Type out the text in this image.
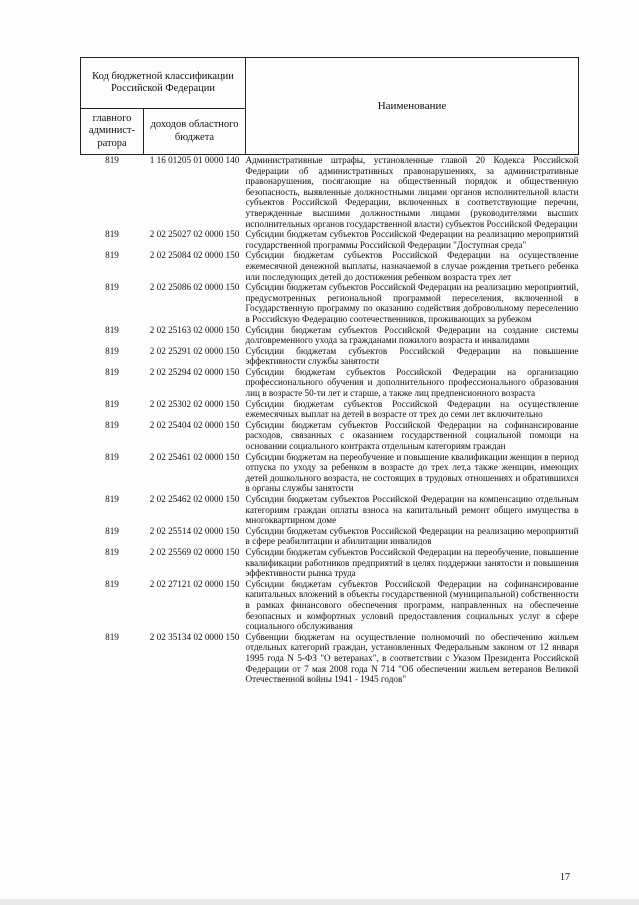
Код бюджетной классификации Российской Федерации		Наименование
главного админист-ратора	доходов областного бюджета	
819	1 16 01205 01 0000 140	Административные штрафы, установленные главой 20 Кодекса Российской Федерации об административных правонарушениях, за административные правонарушения, посягающие на общественный порядок и общественную безопасность, выявленные должностными лицами органов исполнительной власти субъектов Российской Федерации, включенных в соответствующие перечни, утвержденные высшими должностными лицами (руководителями высших исполнительных органов государственной власти) субъектов Российской Федерации
819	2 02 25027 02 0000 150	Субсидии бюджетам субъектов Российской Федерации на реализацию мероприятий государственной программы Российской Федерации "Доступная среда"
819	2 02 25084 02 0000 150	Субсидии бюджетам субъектов Российской Федерации на осуществление ежемесячной денежной выплаты, назначаемой в случае рождения третьего ребенка или последующих детей до достижения ребенком возраста трех лет
819	2 02 25086 02 0000 150	Субсидии бюджетам субъектов Российской Федерации на реализацию мероприятий, предусмотренных региональной программой переселения, включенной в Государственную программу по оказанию содействия добровольному переселению в Российскую Федерацию соотечественников, проживающих за рубежом
819	2 02 25163 02 0000 150	Субсидии бюджетам субъектов Российской Федерации на создание системы долговременного ухода за гражданами пожилого возраста и инвалидами
819	2 02 25291 02 0000 150	Субсидии бюджетам субъектов Российской Федерации на повышение эффективности службы занятости
819	2 02 25294 02 0000 150	Субсидии бюджетам субъектов Российской Федерации на организацию профессионального обучения и дополнительного профессионального образования лиц в возрасте 50-ти лет и старше, а также лиц предпенсионного возраста
819	2 02 25302 02 0000 150	Субсидии бюджетам субъектов Российской Федерации на осуществление ежемесячных выплат на детей в возрасте от трех до семи лет включительно
819	2 02 25404 02 0000 150	Субсидии бюджетам субъектов Российской Федерации на софинансирование расходов, связанных с оказанием государственной социальной помощи на основании социального контракта отдельным категориям граждан
819	2 02 25461 02 0000 150	Субсидии бюджетам на переобучение и повышение квалификации женщин в период отпуска по уходу за ребенком в возрасте до трех лет,а также женщин, имеющих детей дошкольного возраста, не состоящих в трудовых отношениях и обратившихся в органы службы занятости
819	2 02 25462 02 0000 150	Субсидии бюджетам субъектов Российской Федерации на компенсацию отдельным категориям граждан оплаты взноса на капитальный ремонт общего имущества в многоквартирном доме
819	2 02 25514 02 0000 150	Субсидии бюджетам субъектов Российской Федерации на реализацию мероприятий в сфере реабилитации и абилитации инвалидов
819	2 02 25569 02 0000 150	Субсидии бюджетам субъектов Российской Федерации на переобучение, повышение квалификации работников предприятий в целях поддержки занятости и повышения эффективности рынка труда
819	2 02 27121 02 0000 150	Субсидии бюджетам субъектов Российской Федерации на софинансирование капитальных вложений в объекты государственной (муниципальной) собственности в рамках финансового обеспечения программ, направленных на обеспечение безопасных и комфортных условий предоставления социальных услуг в сфере социального обслуживания
819	2 02 35134 02 0000 150	Субвенции бюджетам на осуществление полномочий по обеспечению жильем отдельных категорий граждан, установленных Федеральным законом от 12 января 1995 года N 5-ФЗ "О ветеранах", в соответствии с Указом Президента Российской Федерации от 7 мая 2008 года N 714 "Об обеспечении жильем ветеранов Великой Отечественной войны 1941 - 1945 годов"
17
